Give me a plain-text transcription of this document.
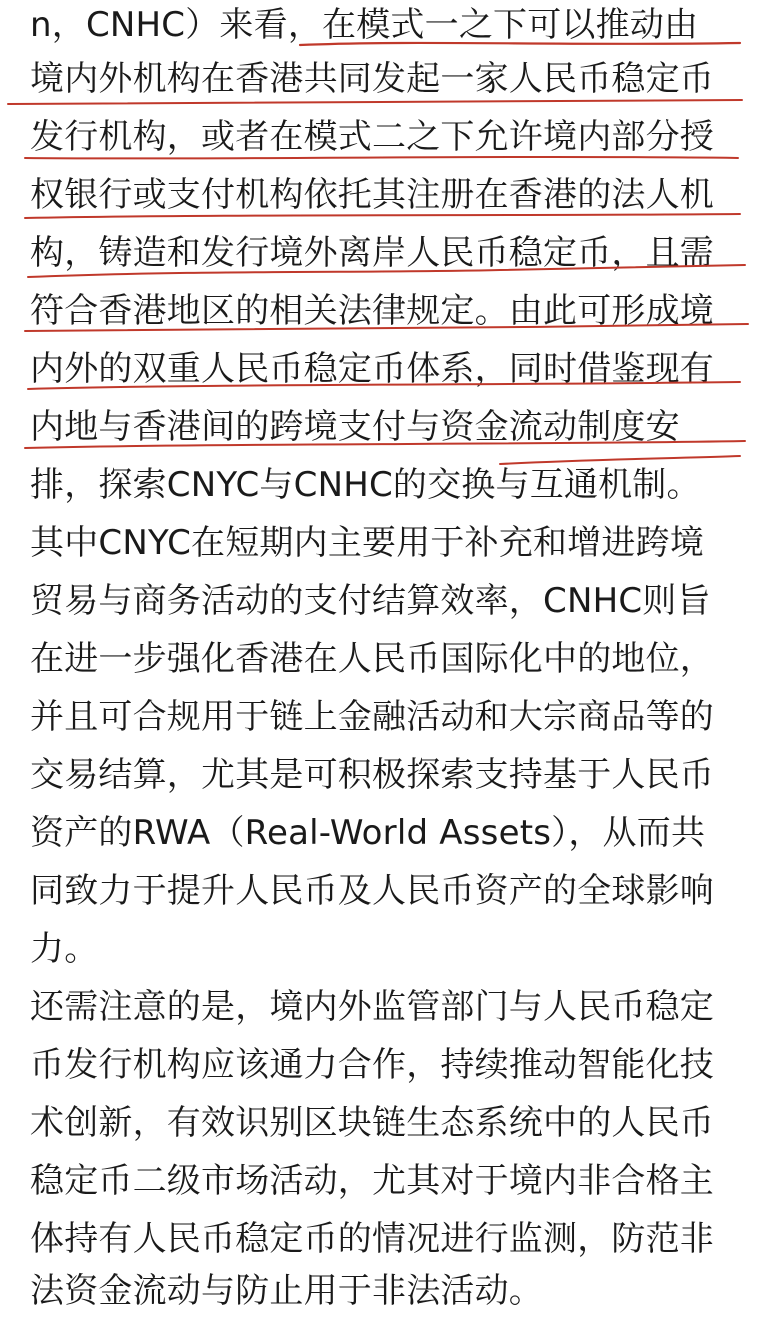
n，CNHC）来看，在模式一之下可以推动由
境内外机构在香港共同发起一家人民币稳定币
发行机构，或者在模式二之下允许境内部分授
权银行或支付机构依托其注册在香港的法人机
构，铸造和发行境外离岸人民币稳定币，且需
符合香港地区的相关法律规定。由此可形成境
内外的双重人民币稳定币体系，同时借鉴现有
内地与香港间的跨境支付与资金流动制度安
排，探索CNYC与CNHC的交换与互通机制。
其中CNYC在短期内主要用于补充和增进跨境
贸易与商务活动的支付结算效率，CNHC则旨
在进一步强化香港在人民币国际化中的地位，
并且可合规用于链上金融活动和大宗商品等的
交易结算，尤其是可积极探索支持基于人民币
资产的RWA（Real-World Assets），从而共
同致力于提升人民币及人民币资产的全球影响
力。
还需注意的是，境内外监管部门与人民币稳定
币发行机构应该通力合作，持续推动智能化技
术创新，有效识别区块链生态系统中的人民币
稳定币二级市场活动，尤其对于境内非合格主
体持有人民币稳定币的情况进行监测，防范非
法资金流动与防止用于非法活动。
